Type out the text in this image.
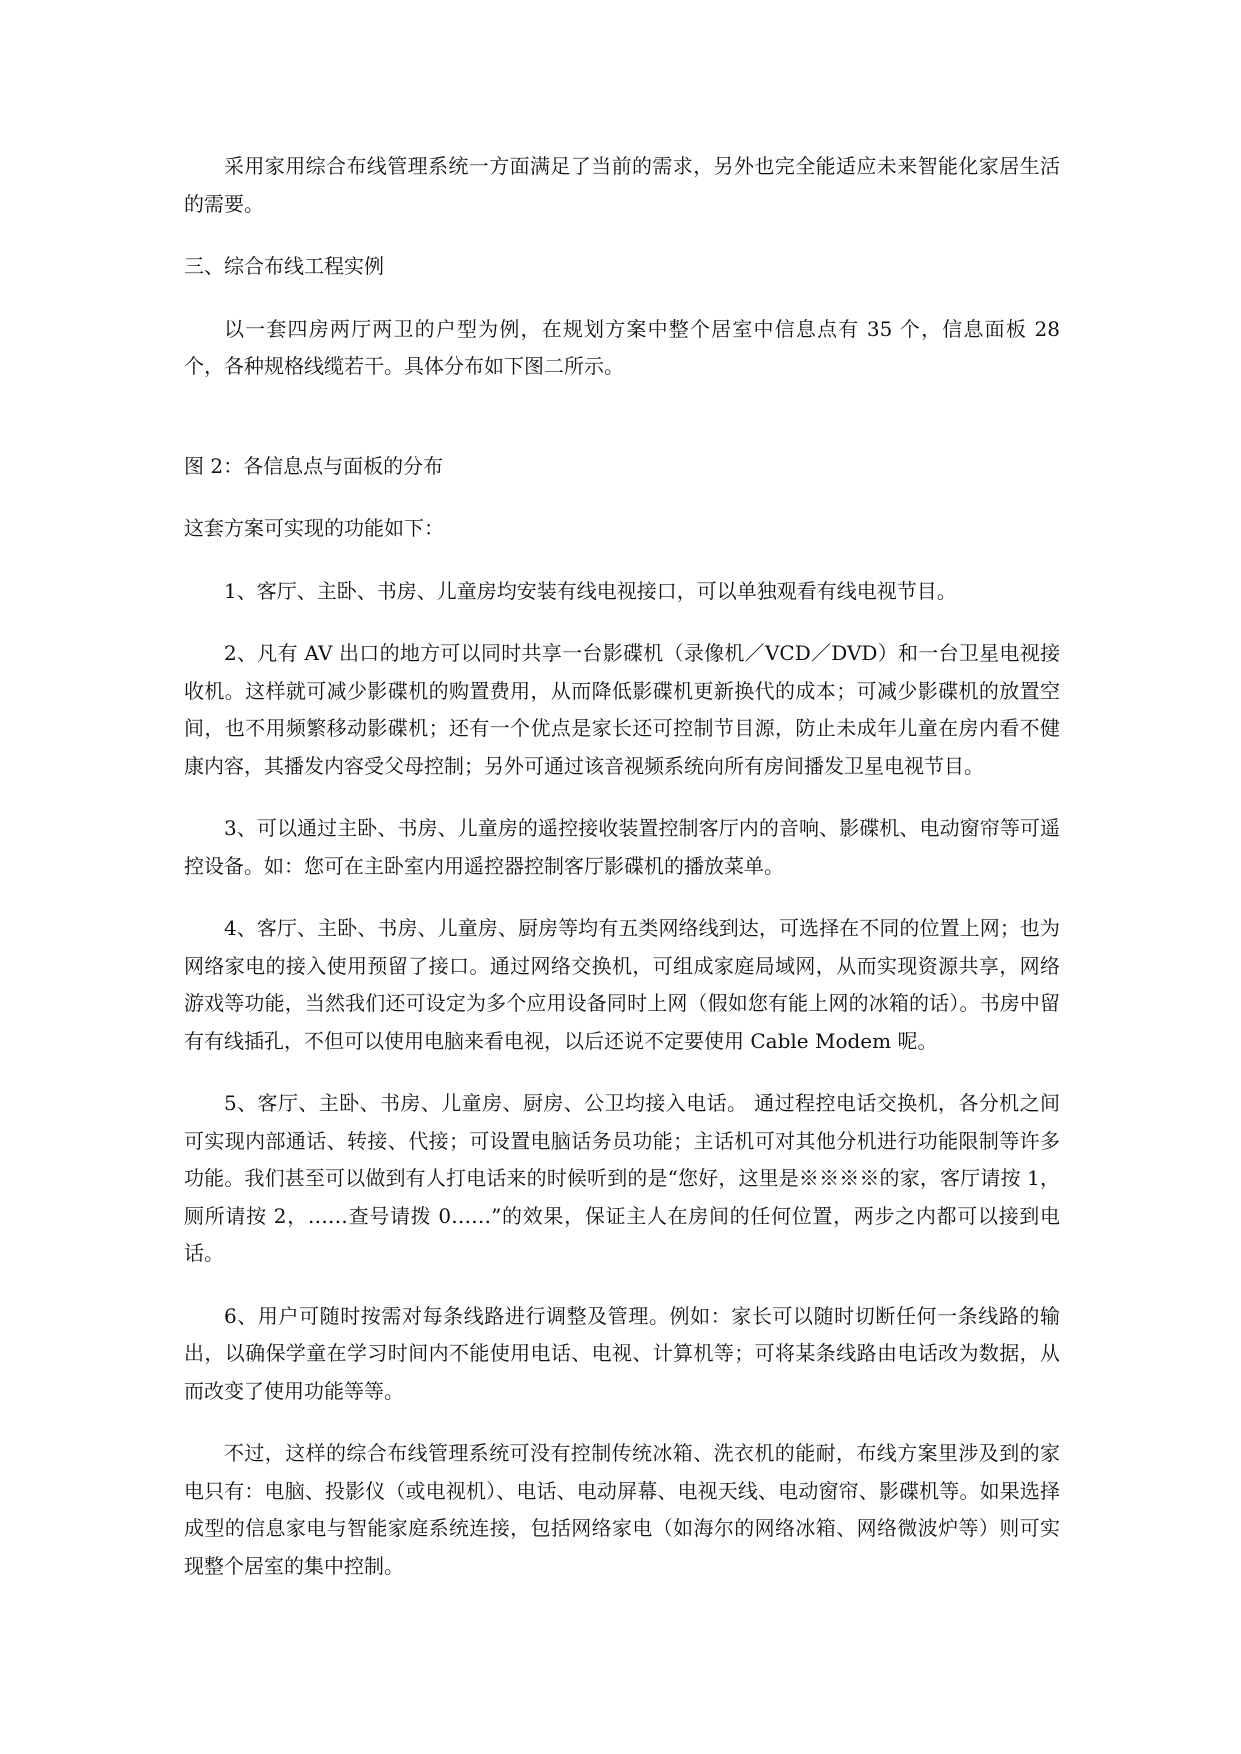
采用家用综合布线管理系统一方面满足了当前的需求，另外也完全能适应未来智能化家居生活的需要。

三、综合布线工程实例

以一套四房两厅两卫的户型为例，在规划方案中整个居室中信息点有 35 个，信息面板 28 个，各种规格线缆若干。具体分布如下图二所示。

图 2：各信息点与面板的分布

这套方案可实现的功能如下：

1、客厅、主卧、书房、儿童房均安装有线电视接口，可以单独观看有线电视节目。

2、凡有 AV 出口的地方可以同时共享一台影碟机（录像机／VCD／DVD）和一台卫星电视接收机。这样就可减少影碟机的购置费用，从而降低影碟机更新换代的成本；可减少影碟机的放置空间，也不用频繁移动影碟机；还有一个优点是家长还可控制节目源，防止未成年儿童在房内看不健康内容，其播发内容受父母控制；另外可通过该音视频系统向所有房间播发卫星电视节目。

3、可以通过主卧、书房、儿童房的遥控接收装置控制客厅内的音响、影碟机、电动窗帘等可遥控设备。如：您可在主卧室内用遥控器控制客厅影碟机的播放菜单。

4、客厅、主卧、书房、儿童房、厨房等均有五类网络线到达，可选择在不同的位置上网；也为网络家电的接入使用预留了接口。通过网络交换机，可组成家庭局域网，从而实现资源共享，网络游戏等功能，当然我们还可设定为多个应用设备同时上网（假如您有能上网的冰箱的话）。书房中留有有线插孔，不但可以使用电脑来看电视，以后还说不定要使用 Cable Modem 呢。

5、客厅、主卧、书房、儿童房、厨房、公卫均接入电话。 通过程控电话交换机，各分机之间可实现内部通话、转接、代接；可设置电脑话务员功能；主话机可对其他分机进行功能限制等许多功能。我们甚至可以做到有人打电话来的时候听到的是“您好，这里是※※※※的家，客厅请按 1，厕所请按 2，……查号请拨 0……”的效果，保证主人在房间的任何位置，两步之内都可以接到电话。

6、用户可随时按需对每条线路进行调整及管理。例如：家长可以随时切断任何一条线路的输出，以确保学童在学习时间内不能使用电话、电视、计算机等；可将某条线路由电话改为数据，从而改变了使用功能等等。

不过，这样的综合布线管理系统可没有控制传统冰箱、洗衣机的能耐，布线方案里涉及到的家电只有：电脑、投影仪（或电视机）、电话、电动屏幕、电视天线、电动窗帘、影碟机等。如果选择成型的信息家电与智能家庭系统连接，包括网络家电（如海尔的网络冰箱、网络微波炉等）则可实现整个居室的集中控制。
